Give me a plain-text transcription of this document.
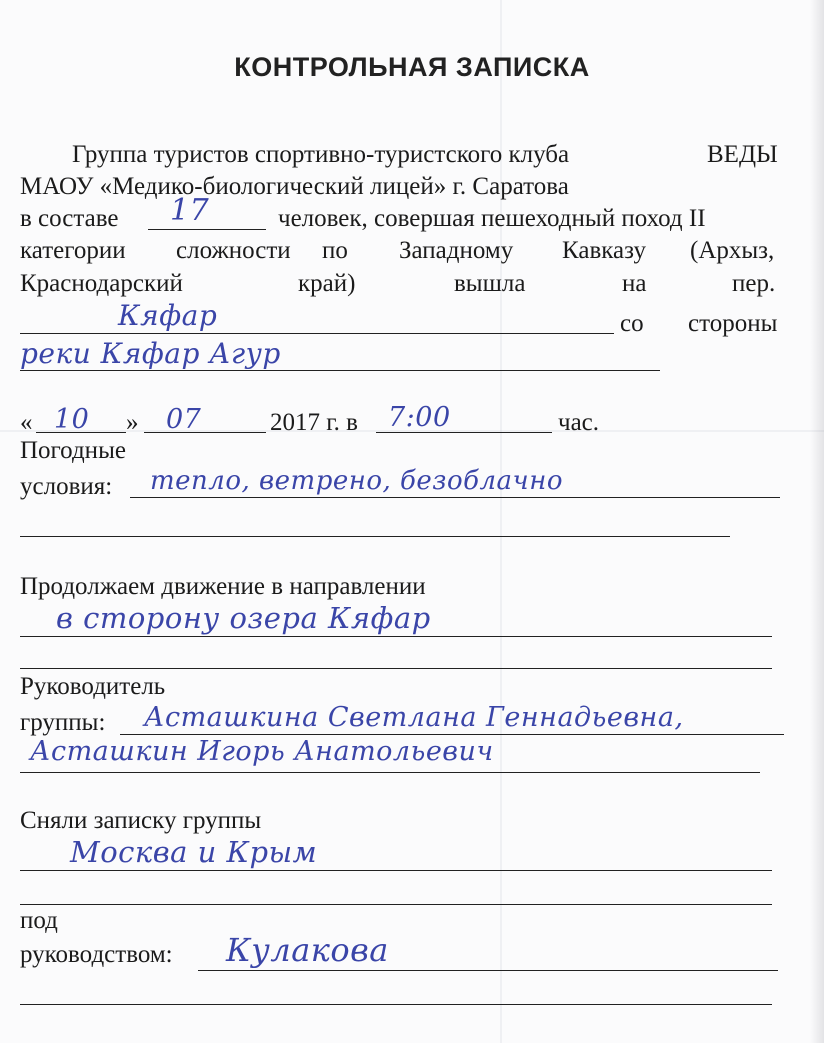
КОНТРОЛЬНАЯ ЗАПИСКА
Группа туристов спортивно-туристского клуба	ВЕДЫ
МАОУ «Медико-биологический лицей» г. Саратова
в составе 17	человек, совершая пешеходный поход II
категории сложности по Западному Кавказу (Архыз,
Краснодарский	край)	вышла	на	пер.
Кяфар	со стороны
реки Кяфар Агур
« 10 » 07	2017 г. в 7:00	час.
Погодные
условия: тепло, ветрено, безоблачно
Продолжаем движение в направлении
в сторону озера Кяфар
Руководитель
группы: Асташкина Светлана Геннадьевна,
Асташкин Игорь Анатольевич
Сняли записку группы
Москва и Крым
под
руководством: Кулакова
